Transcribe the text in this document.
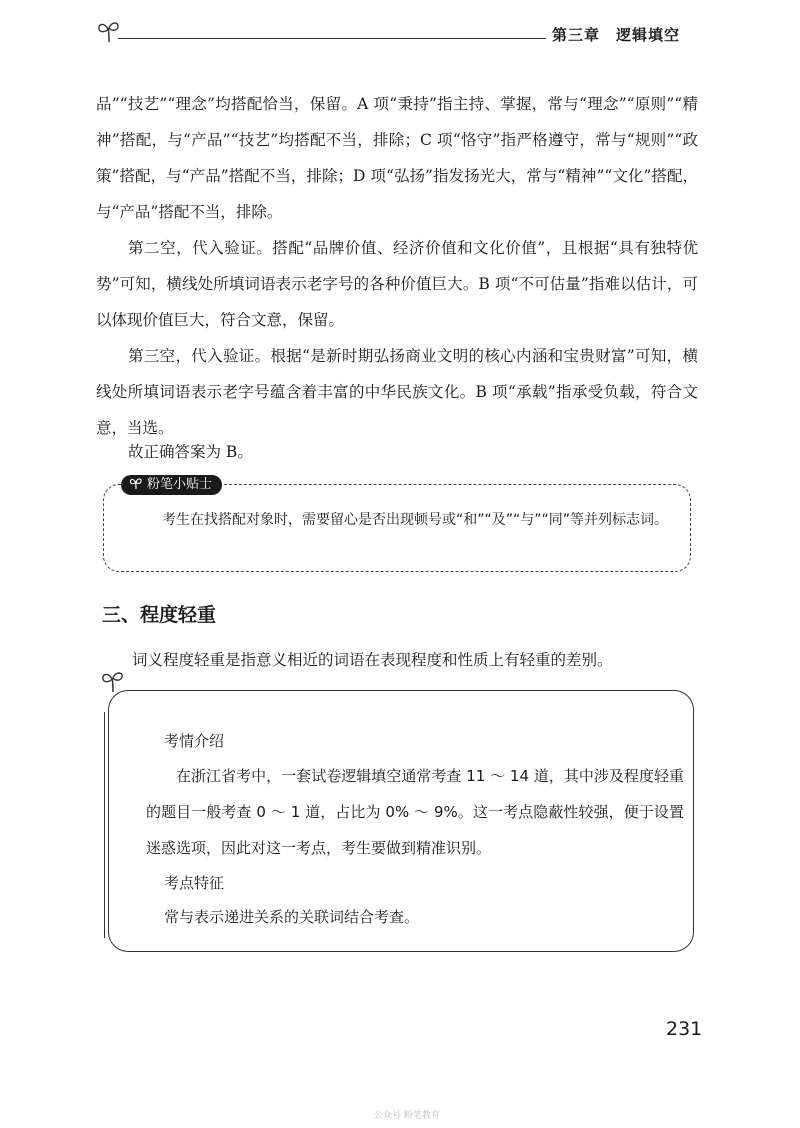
第三章　逻辑填空

品”“技艺”“理念”均搭配恰当，保留。A 项“秉持”指主持、掌握，常与“理念”“原则”“精神”搭配，与“产品”“技艺”均搭配不当，排除；C 项“恪守”指严格遵守，常与“规则”“政策”搭配，与“产品”搭配不当，排除；D 项“弘扬”指发扬光大，常与“精神”“文化”搭配，与“产品”搭配不当，排除。

第二空，代入验证。搭配“品牌价值、经济价值和文化价值”，且根据“具有独特优势”可知，横线处所填词语表示老字号的各种价值巨大。B 项“不可估量”指难以估计，可以体现价值巨大，符合文意，保留。

第三空，代入验证。根据“是新时期弘扬商业文明的核心内涵和宝贵财富”可知，横线处所填词语表示老字号蕴含着丰富的中华民族文化。B 项“承载”指承受负载，符合文意，当选。

故正确答案为 B。

粉笔小贴士

考生在找搭配对象时，需要留心是否出现顿号或“和”“及”“与”“同”等并列标志词。

三、程度轻重

词义程度轻重是指意义相近的词语在表现程度和性质上有轻重的差别。

考情介绍

在浙江省考中，一套试卷逻辑填空通常考查 11 ～ 14 道，其中涉及程度轻重的题目一般考查 0 ～ 1 道，占比为 0% ～ 9%。这一考点隐蔽性较强，便于设置迷惑选项，因此对这一考点，考生要做到精准识别。

考点特征

常与表示递进关系的关联词结合考查。

231
公众号 粉笔教育
